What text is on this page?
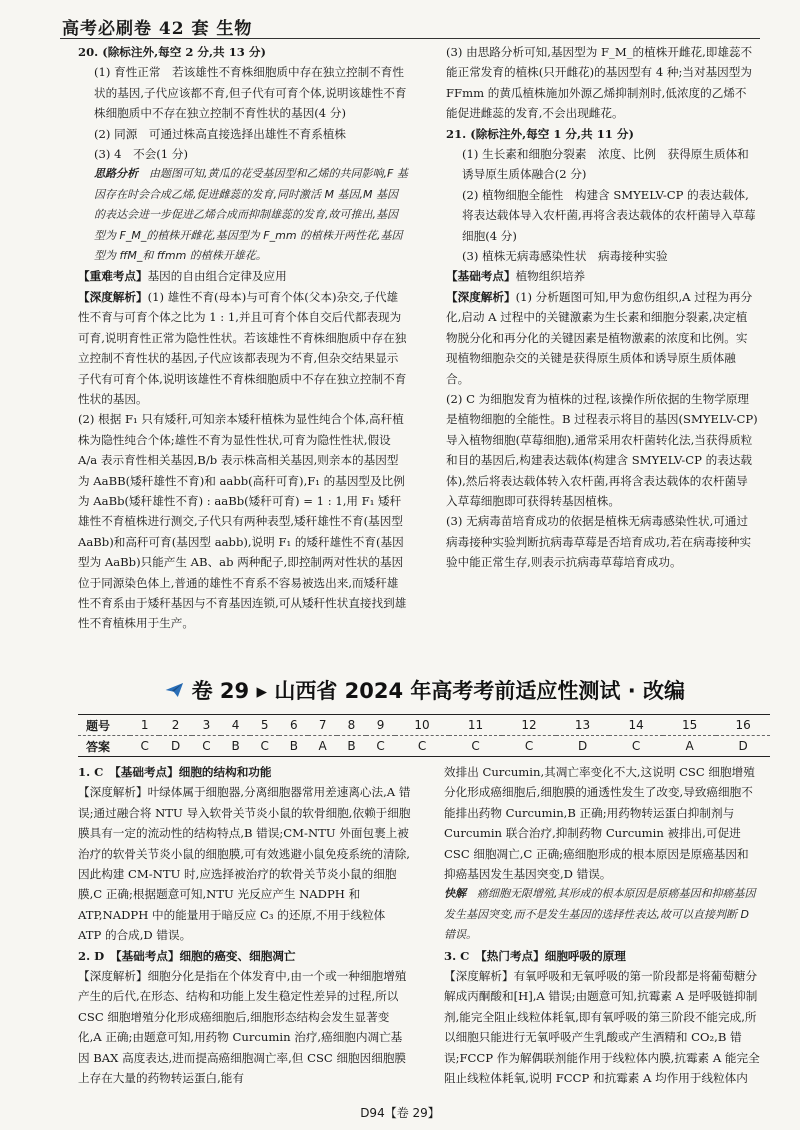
高考必刷卷 42 套 生物

20. (除标注外,每空 2 分,共 13 分)

(1) 育性正常　若该雄性不育株细胞质中存在独立控制不育性状的基因,子代应该都不育,但子代有可育个体,说明该雄性不育株细胞质中不存在独立控制不育性状的基因(4 分)

(2) 同源　可通过株高直接选择出雄性不育系植株

(3) 4　不会(1 分)

思路分析　 由题图可知,黄瓜的花受基因型和乙烯的共同影响,F 基因存在时会合成乙烯,促进雌蕊的发育,同时激活 M 基因,M 基因的表达会进一步促进乙烯合成而抑制雄蕊的发育,故可推出,基因型为 F_M_的植株开雌花,基因型为 F_mm 的植株开两性花,基因型为 ffM_和 ffmm 的植株开雄花。

【重难考点】基因的自由组合定律及应用

【深度解析】(1) 雄性不育(母本)与可育个体(父本)杂交,子代雄性不育与可育个体之比为 1 : 1,并且可育个体自交后代都表现为可育,说明育性正常为隐性性状。若该雄性不育株细胞质中存在独立控制不育性状的基因,子代应该都表现为不育,但杂交结果显示子代有可育个体,说明该雄性不育株细胞质中不存在独立控制不育性状的基因。

(2) 根据 F₁ 只有矮秆,可知亲本矮秆植株为显性纯合个体,高秆植株为隐性纯合个体;雄性不育为显性性状,可育为隐性性状,假设 A/a 表示育性相关基因,B/b 表示株高相关基因,则亲本的基因型为 AaBB(矮秆雄性不育)和 aabb(高秆可育),F₁ 的基因型及比例为 AaBb(矮秆雄性不育) : aaBb(矮秆可育) = 1 : 1,用 F₁ 矮秆雄性不育植株进行测交,子代只有两种表型,矮秆雄性不育(基因型 AaBb)和高秆可育(基因型 aabb),说明 F₁ 的矮秆雄性不育(基因型为 AaBb)只能产生 AB、ab 两种配子,即控制两对性状的基因位于同源染色体上,普通的雄性不育系不容易被选出来,而矮秆雄性不育系由于矮秆基因与不育基因连锁,可从矮秆性状直接找到雄性不育植株用于生产。

(3) 由思路分析可知,基因型为 F_M_的植株开雌花,即雄蕊不能正常发育的植株(只开雌花)的基因型有 4 种;当对基因型为 FFmm 的黄瓜植株施加外源乙烯抑制剂时,低浓度的乙烯不能促进雌蕊的发育,不会出现雌花。

21. (除标注外,每空 1 分,共 11 分)

(1) 生长素和细胞分裂素　浓度、比例　获得原生质体和诱导原生质体融合(2 分)

(2) 植物细胞全能性　构建含 SMYELV-CP 的表达载体,将表达载体导入农杆菌,再将含表达载体的农杆菌导入草莓细胞(4 分)

(3) 植株无病毒感染性状　病毒接种实验

【基础考点】植物组织培养

【深度解析】(1) 分析题图可知,甲为愈伤组织,A 过程为再分化,启动 A 过程中的关键激素为生长素和细胞分裂素,决定植物脱分化和再分化的关键因素是植物激素的浓度和比例。实现植物细胞杂交的关键是获得原生质体和诱导原生质体融合。

(2) C 为细胞发育为植株的过程,该操作所依据的生物学原理是植物细胞的全能性。B 过程表示将目的基因(SMYELV-CP)导入植物细胞(草莓细胞),通常采用农杆菌转化法,当获得质粒和目的基因后,构建表达载体(构建含 SMYELV-CP 的表达载体),然后将表达载体转入农杆菌,再将含表达载体的农杆菌导入草莓细胞即可获得转基因植株。

(3) 无病毒苗培育成功的依据是植株无病毒感染性状,可通过病毒接种实验判断抗病毒草莓是否培育成功,若在病毒接种实验中能正常生存,则表示抗病毒草莓培育成功。

卷 29 ▸ 山西省 2024 年高考考前适应性测试 · 改编
题号	1	2	3	4	5	6	7	8	9	10	11	12	13	14	15	16
答案	C	D	C	B	C	B	A	B	C	C	C	C	D	C	A	D

1. C　【基础考点】细胞的结构和功能

【深度解析】叶绿体属于细胞器,分离细胞器常用差速离心法,A 错误;通过融合将 NTU 导入软骨关节炎小鼠的软骨细胞,依赖于细胞膜具有一定的流动性的结构特点,B 错误;CM-NTU 外面包裹上被治疗的软骨关节炎小鼠的细胞膜,可有效逃避小鼠免疫系统的清除,因此构建 CM-NTU 时,应选择被治疗的软骨关节炎小鼠的细胞膜,C 正确;根据题意可知,NTU 光反应产生 NADPH 和 ATP,NADPH 中的能量用于暗反应 C₃ 的还原,不用于线粒体 ATP 的合成,D 错误。

2. D　【基础考点】细胞的癌变、细胞凋亡

【深度解析】细胞分化是指在个体发育中,由一个或一种细胞增殖产生的后代,在形态、结构和功能上发生稳定性差异的过程,所以 CSC 细胞增殖分化形成癌细胞后,细胞形态结构会发生显著变化,A 正确;由题意可知,用药物 Curcumin 治疗,癌细胞内凋亡基因 BAX 高度表达,进而提高癌细胞凋亡率,但 CSC 细胞因细胞膜上存在大量的药物转运蛋白,能有

效排出 Curcumin,其凋亡率变化不大,这说明 CSC 细胞增殖分化形成癌细胞后,细胞膜的通透性发生了改变,导致癌细胞不能排出药物 Curcumin,B 正确;用药物转运蛋白抑制剂与 Curcumin 联合治疗,抑制药物 Curcumin 被排出,可促进 CSC 细胞凋亡,C 正确;癌细胞形成的根本原因是原癌基因和抑癌基因发生基因突变,D 错误。

快解　 癌细胞无限增殖,其形成的根本原因是原癌基因和抑癌基因发生基因突变,而不是发生基因的选择性表达,故可以直接判断 D 错误。

3. C　【热门考点】细胞呼吸的原理

【深度解析】有氧呼吸和无氧呼吸的第一阶段都是将葡萄糖分解成丙酮酸和[H],A 错误;由题意可知,抗霉素 A 是呼吸链抑制剂,能完全阻止线粒体耗氧,即有氧呼吸的第三阶段不能完成,所以细胞只能进行无氧呼吸产生乳酸或产生酒精和 CO₂,B 错误;FCCP 作为解偶联剂能作用于线粒体内膜,抗霉素 A 能完全阻止线粒体耗氧,说明 FCCP 和抗霉素 A 均作用于线粒体内

D94【卷 29】
